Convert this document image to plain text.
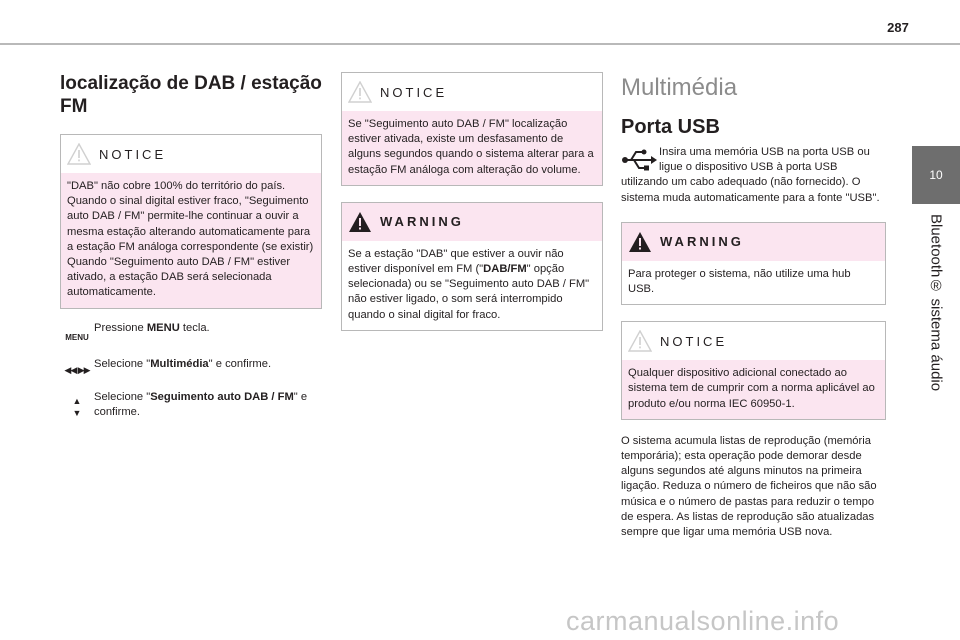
287
10
Bluetooth® sistema áudio
localização de DAB / estação FM
NOTICE

"DAB" não cobre 100% do território do país. Quando o sinal digital estiver fraco, "Seguimento auto DAB / FM" permite-lhe continuar a ouvir a mesma estação alterando automaticamente para a estação FM análoga correspondente (se existir) Quando "Seguimento auto DAB / FM" estiver ativado, a estação DAB será selecionada automaticamente.

MENU
Pressione MENU tecla.
◀◀ ▶▶ Selecione "Multimédia" e confirme.
▲
▼
Selecione "Seguimento auto DAB / FM" e confirme.
NOTICE

Se "Seguimento auto DAB / FM" localização estiver ativada, existe um desfasamento de alguns segundos quando o sistema alterar para a estação FM análoga com alteração do volume.

WARNING

Se a estação "DAB" que estiver a ouvir não estiver disponível em FM ("DAB/FM" opção selecionada) ou se "Seguimento auto DAB / FM" não estiver ligado, o som será interrompido quando o sinal digital for fraco.

Multimédia
Porta USB
Insira uma memória USB na porta USB ou ligue o dispositivo USB à porta USB utilizando um cabo adequado (não fornecido). O sistema muda automaticamente para a fonte "USB".
WARNING

Para proteger o sistema, não utilize uma hub USB.

NOTICE

Qualquer dispositivo adicional conectado ao sistema tem de cumprir com a norma aplicável ao produto e/ou norma IEC 60950-1.

O sistema acumula listas de reprodução (memória temporária); esta operação pode demorar desde alguns segundos até alguns minutos na primeira ligação. Reduza o número de ficheiros que não são música e o número de pastas para reduzir o tempo de espera. As listas de reprodução são atualizadas sempre que ligar uma memória USB nova.
carmanualsonline.info
